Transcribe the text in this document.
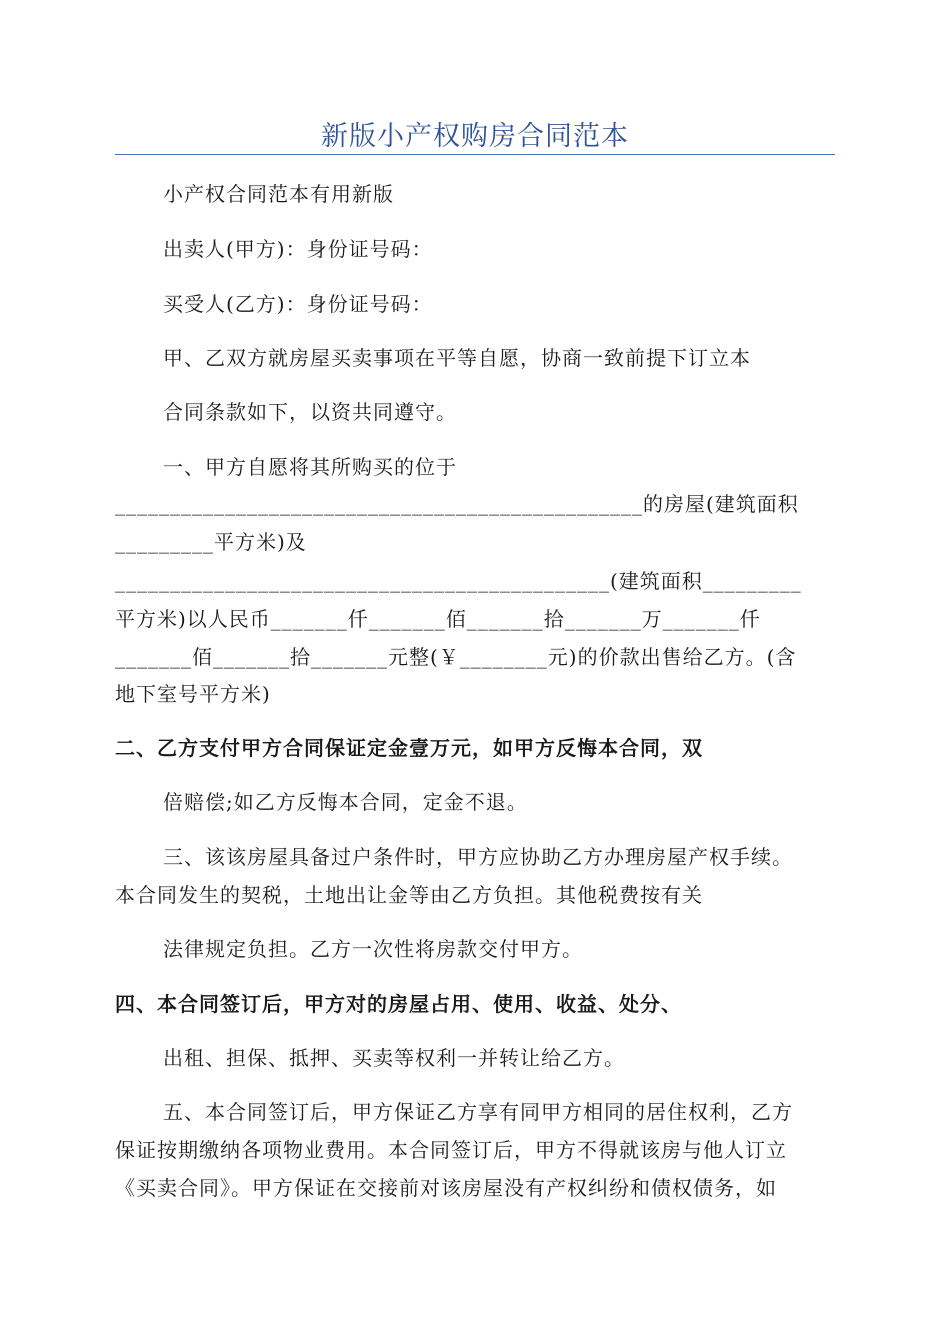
新版小产权购房合同范本
小产权合同范本有用新版
出卖人(甲方)：身份证号码：
买受人(乙方)：身份证号码：
甲、乙双方就房屋买卖事项在平等自愿，协商一致前提下订立本
合同条款如下，以资共同遵守。
一、甲方自愿将其所购买的位于
________________________________________________的房屋(建筑面积
_________平方米)及
_____________________________________________(建筑面积_________
平方米)以人民币_______仟_______佰_______拾_______万_______仟
_______佰_______拾_______元整(￥________元)的价款出售给乙方。(含
地下室号平方米)
二、乙方支付甲方合同保证定金壹万元，如甲方反悔本合同，双
倍赔偿;如乙方反悔本合同，定金不退。
三、该该房屋具备过户条件时，甲方应协助乙方办理房屋产权手续。
本合同发生的契税，土地出让金等由乙方负担。其他税费按有关
法律规定负担。乙方一次性将房款交付甲方。
四、本合同签订后，甲方对的房屋占用、使用、收益、处分、
出租、担保、抵押、买卖等权利一并转让给乙方。
五、本合同签订后，甲方保证乙方享有同甲方相同的居住权利，乙方
保证按期缴纳各项物业费用。本合同签订后，甲方不得就该房与他人订立
《买卖合同》。甲方保证在交接前对该房屋没有产权纠纷和债权债务，如
